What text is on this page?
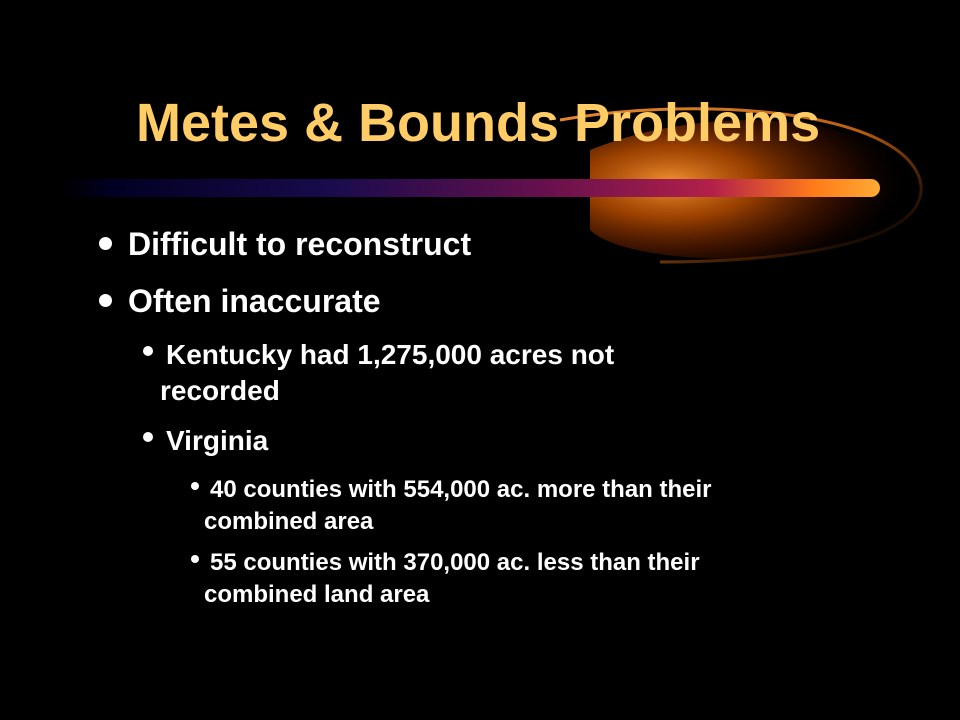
Metes & Bounds Problems
Difficult to reconstruct
Often inaccurate
Kentucky had 1,275,000 acres not
recorded
Virginia
40 counties with 554,000 ac. more than their
combined area
55 counties with 370,000 ac. less than their
combined land area
